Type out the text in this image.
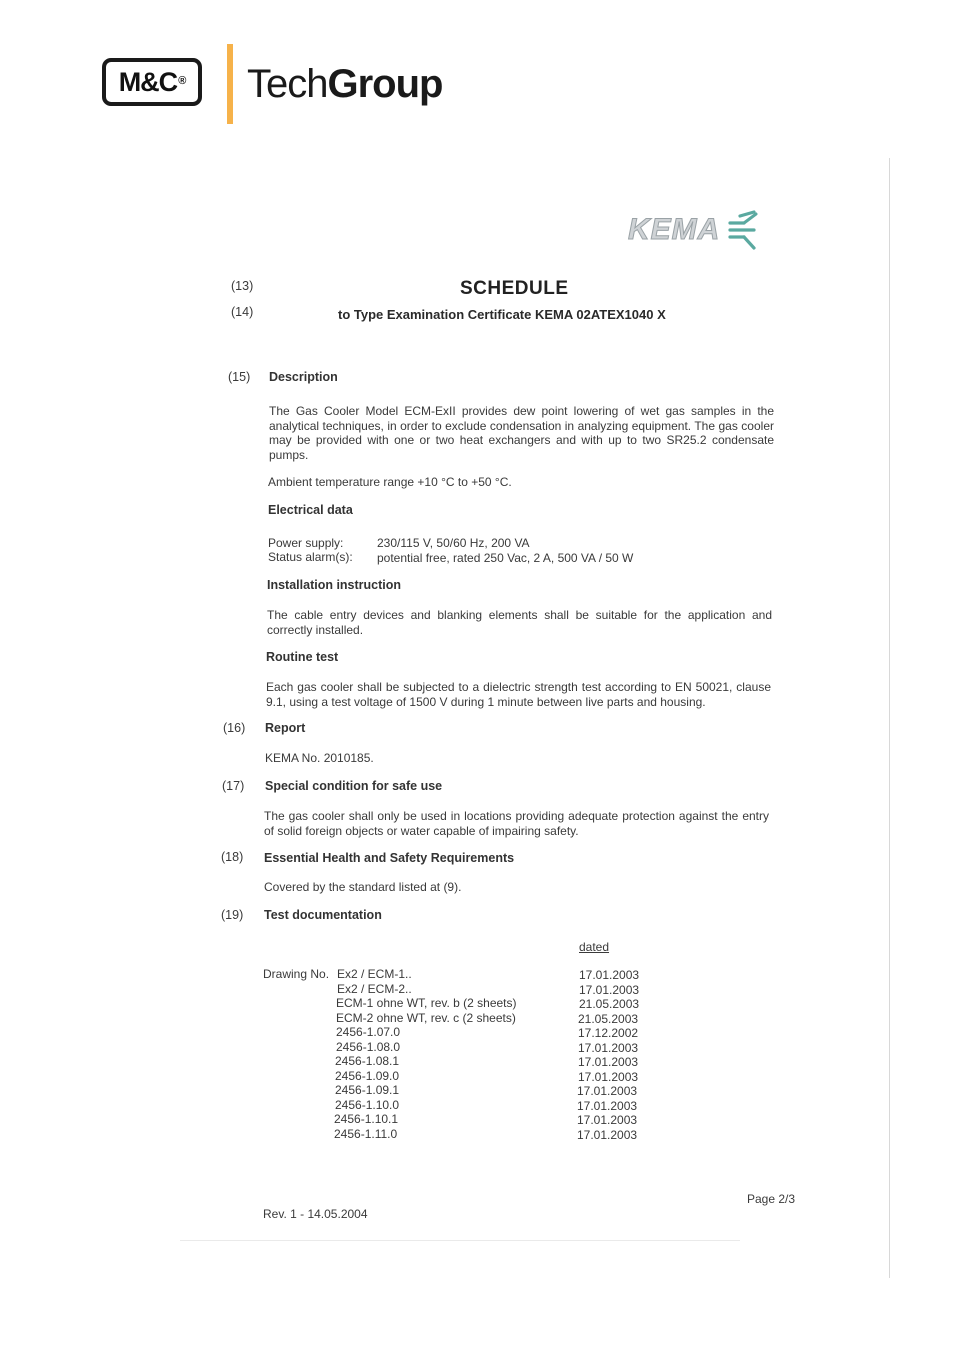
M&C ® TechGroup
KEMA
(13)	SCHEDULE
(14)	to Type Examination Certificate KEMA 02ATEX1040 X
(15) Description
The Gas Cooler Model ECM-ExII provides dew point lowering of wet gas samples in the analytical techniques, in order to exclude condensation in analyzing equipment. The gas cooler may be provided with one or two heat exchangers and with up to two SR25.2 condensate pumps.
Ambient temperature range +10 °C to +50 °C.
Electrical data
Power supply:	230/115 V, 50/60 Hz, 200 VA
Status alarm(s): potential free, rated 250 Vac, 2 A, 500 VA / 50 W
Installation instruction
The cable entry devices and blanking elements shall be suitable for the application and correctly installed.
Routine test
Each gas cooler shall be subjected to a dielectric strength test according to EN 50021, clause 9.1, using a test voltage of 1500 V during 1 minute between live parts and housing.
(16) Report
KEMA No. 2010185.
(17) Special condition for safe use
The gas cooler shall only be used in locations providing adequate protection against the entry of solid foreign objects or water capable of impairing safety.
(18) Essential Health and Safety Requirements
Covered by the standard listed at (9).
(19) Test documentation
dated
Drawing No. Ex2 / ECM-1..	17.01.2003
Ex2 / ECM-2..	17.01.2003
ECM-1 ohne WT, rev. b (2 sheets)	21.05.2003
ECM-2 ohne WT, rev. c (2 sheets)	21.05.2003
2456-1.07.0	17.12.2002
2456-1.08.0	17.01.2003
2456-1.08.1	17.01.2003
2456-1.09.0	17.01.2003
2456-1.09.1	17.01.2003
2456-1.10.0	17.01.2003
2456-1.10.1	17.01.2003
2456-1.11.0	17.01.2003
Page 2/3
Rev. 1 - 14.05.2004
